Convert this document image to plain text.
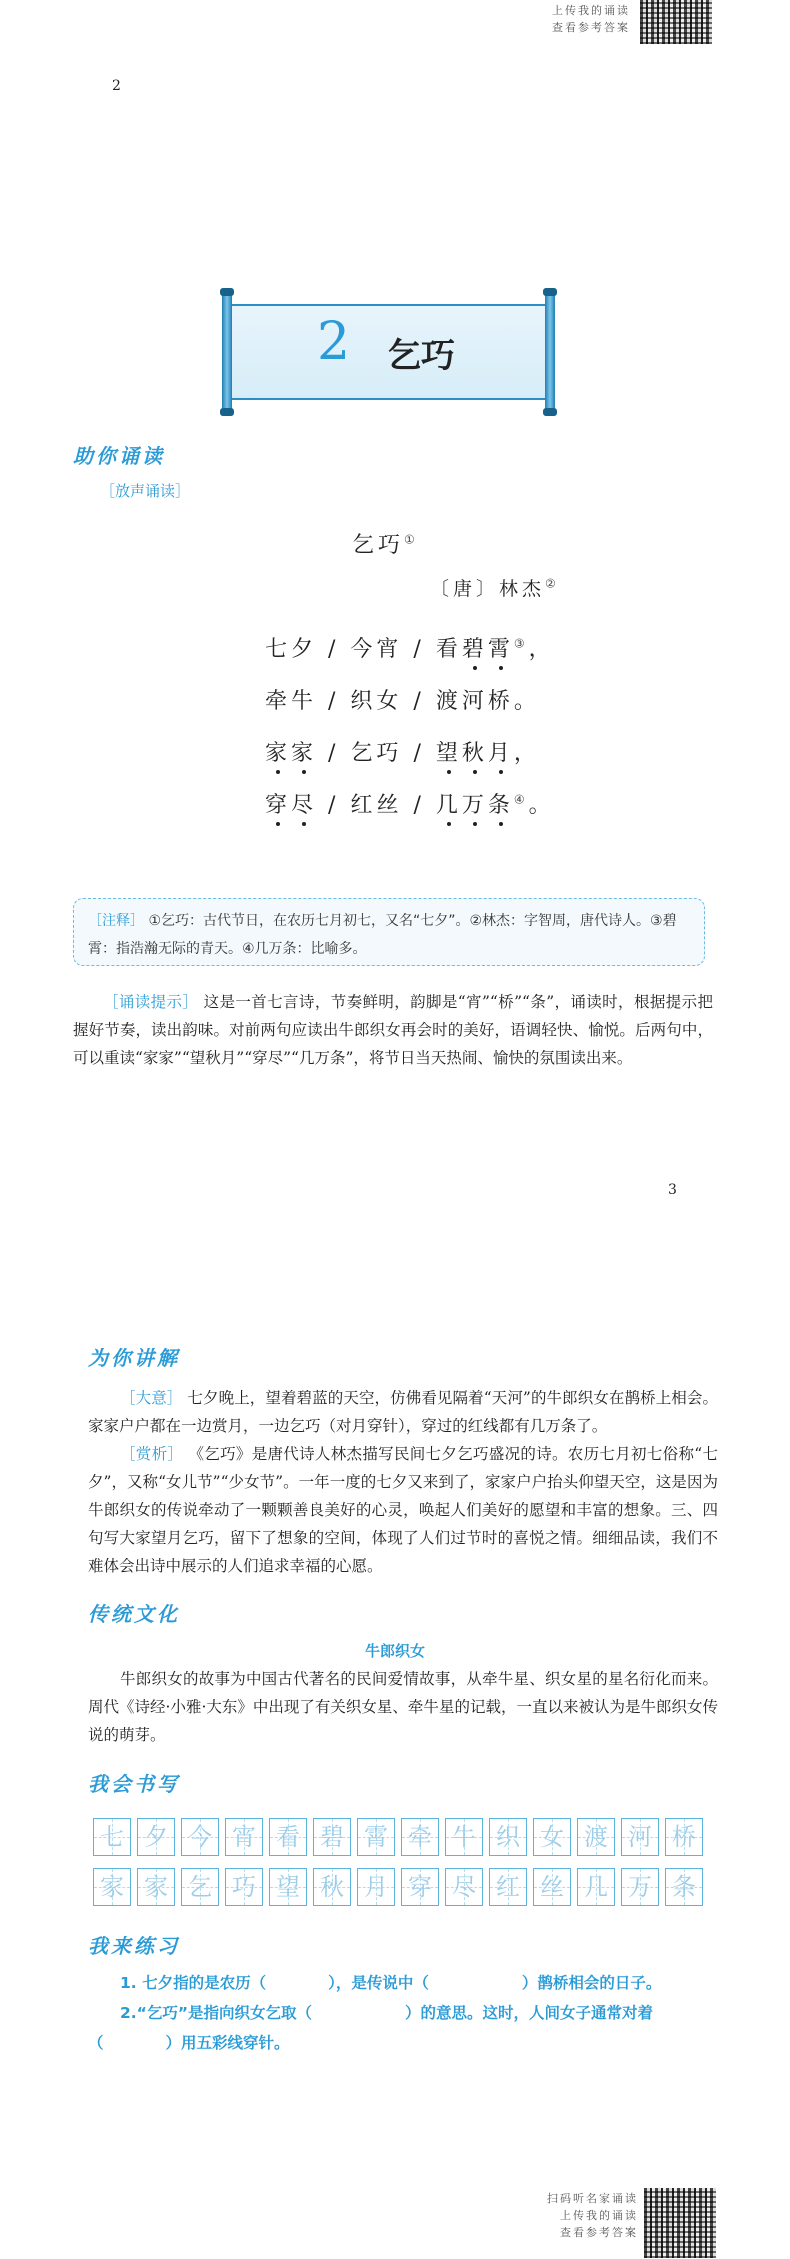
上传我的诵读
查看参考答案
2
2 乞巧
助你诵读
［放声诵读］
乞巧①
〔唐〕林杰②
七夕 / 今宵 / 看碧霄③，
牵牛 / 织女 / 渡河桥。
家家 / 乞巧 / 望秋月，
穿尽 / 红丝 / 几万条④。
［注释］ ①乞巧：古代节日，在农历七月初七，又名“七夕”。②林杰：字智周，唐代诗人。③碧霄：指浩瀚无际的青天。④几万条：比喻多。
［诵读提示］ 这是一首七言诗，节奏鲜明，韵脚是“宵”“桥”“条”，诵读时，根据提示把握好节奏，读出韵味。对前两句应读出牛郎织女再会时的美好，语调轻快、愉悦。后两句中，可以重读“家家”“望秋月”“穿尽”“几万条”，将节日当天热闹、愉快的氛围读出来。
3
为你讲解
［大意］ 七夕晚上，望着碧蓝的天空，仿佛看见隔着“天河”的牛郎织女在鹊桥上相会。家家户户都在一边赏月，一边乞巧（对月穿针），穿过的红线都有几万条了。
［赏析］ 《乞巧》是唐代诗人林杰描写民间七夕乞巧盛况的诗。农历七月初七俗称“七夕”，又称“女儿节”“少女节”。一年一度的七夕又来到了，家家户户抬头仰望天空，这是因为牛郎织女的传说牵动了一颗颗善良美好的心灵，唤起人们美好的愿望和丰富的想象。三、四句写大家望月乞巧，留下了想象的空间，体现了人们过节时的喜悦之情。细细品读，我们不难体会出诗中展示的人们追求幸福的心愿。
传统文化
牛郎织女
牛郎织女的故事为中国古代著名的民间爱情故事，从牵牛星、织女星的星名衍化而来。周代《诗经·小雅·大东》中出现了有关织女星、牵牛星的记载，一直以来被认为是牛郎织女传说的萌芽。
我会书写
七 夕 今 宵 看 碧 霄 牵 牛 织 女 渡 河 桥
家 家 乞 巧 望 秋 月 穿 尽 红 丝 几 万 条
我来练习
1. 七夕指的是农历（　　　　），是传说中（　　　　　　）鹊桥相会的日子。
2.“乞巧”是指向织女乞取（　　　　　　）的意思。这时，人间女子通常对着（　　　　）用五彩线穿针。
扫码听名家诵读
上传我的诵读
查看参考答案
